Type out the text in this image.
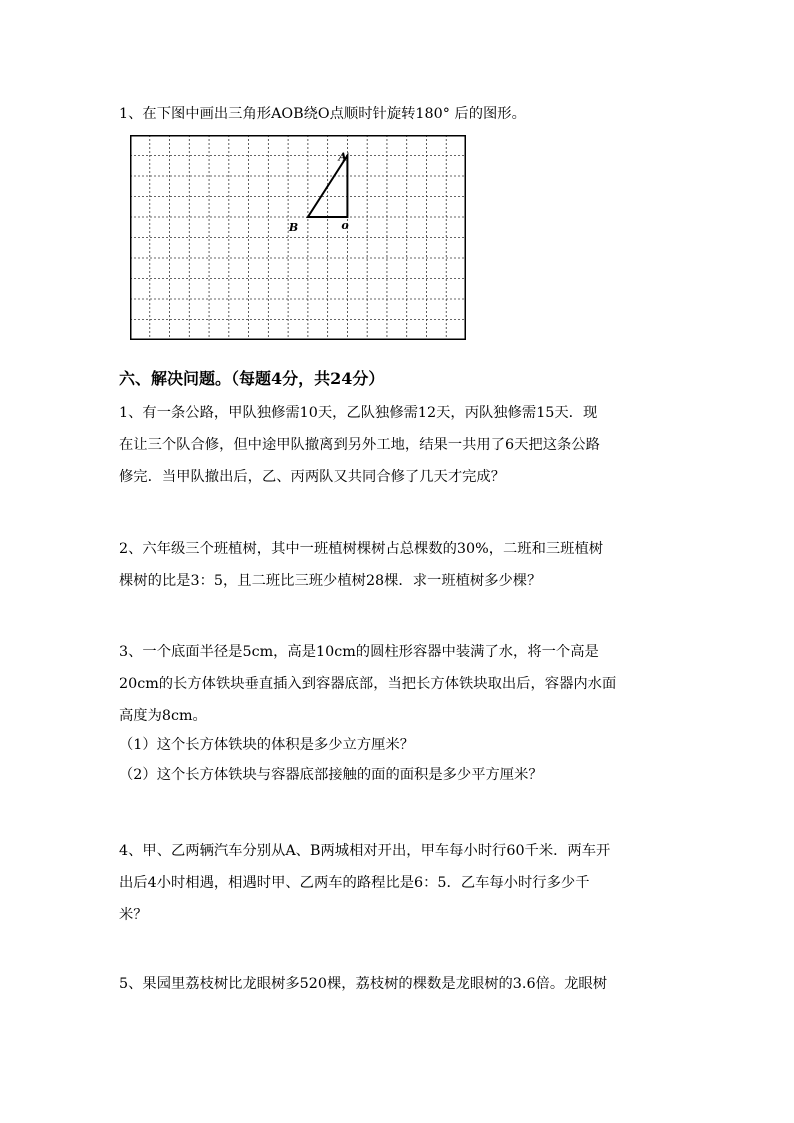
1、在下图中画出三角形AOB绕O点顺时针旋转180° 后的图形。
A
B	o
六、解决问题。（每题4分，共24分）
1、有一条公路，甲队独修需10天，乙队独修需12天，丙队独修需15天．现
在让三个队合修，但中途甲队撤离到另外工地，结果一共用了6天把这条公路
修完．当甲队撤出后，乙、丙两队又共同合修了几天才完成？
2、六年级三个班植树，其中一班植树棵树占总棵数的30%，二班和三班植树
棵树的比是3：5，且二班比三班少植树28棵．求一班植树多少棵？
3、一个底面半径是5cm，高是10cm的圆柱形容器中装满了水，将一个高是
20cm的长方体铁块垂直插入到容器底部，当把长方体铁块取出后，容器内水面
高度为8cm。
（1）这个长方体铁块的体积是多少立方厘米？
（2）这个长方体铁块与容器底部接触的面的面积是多少平方厘米？
4、甲、乙两辆汽车分别从A、B两城相对开出，甲车每小时行60千米．两车开
出后4小时相遇，相遇时甲、乙两车的路程比是6：5．乙车每小时行多少千
米？
5、果园里荔枝树比龙眼树多520棵，荔枝树的棵数是龙眼树的3.6倍。龙眼树
